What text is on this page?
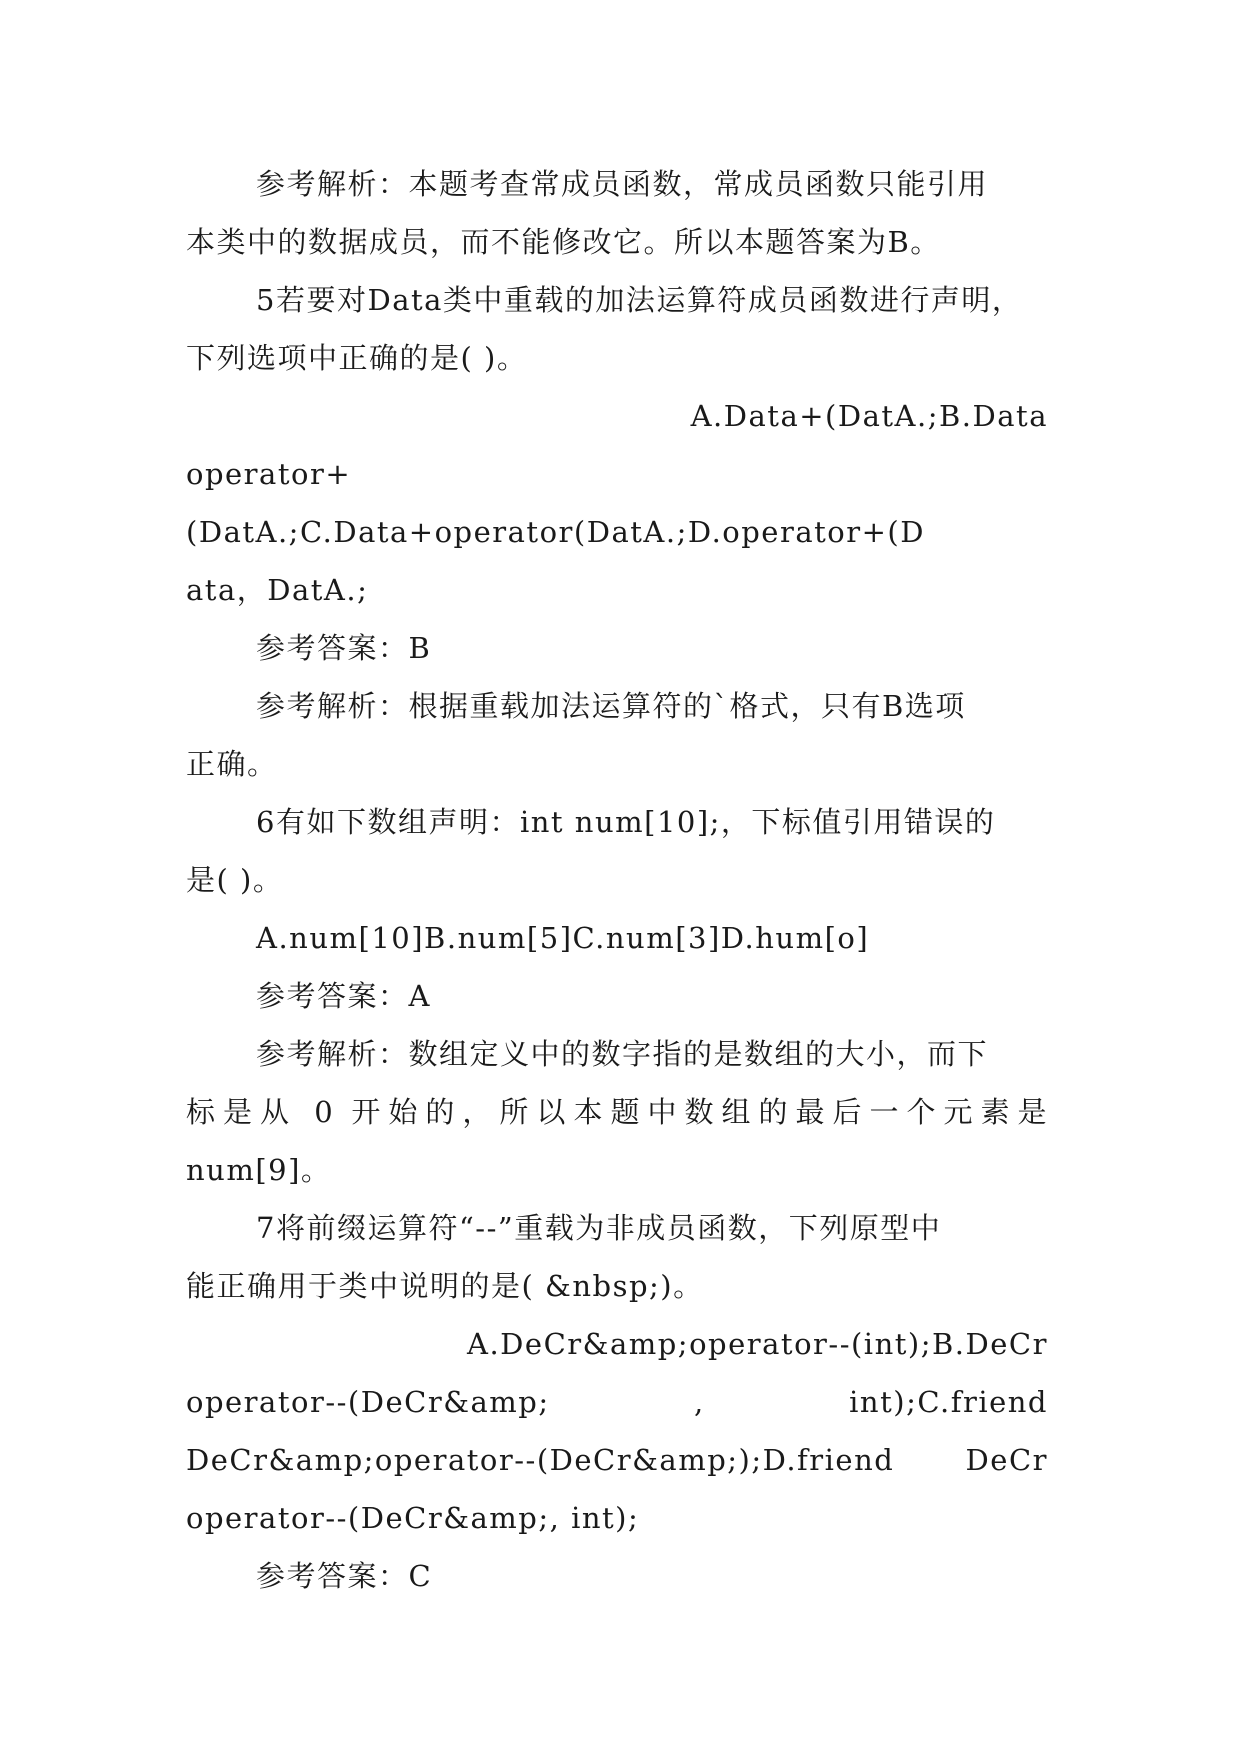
参考解析：本题考查常成员函数，常成员函数只能引用

本类中的数据成员，而不能修改它。所以本题答案为B。

5若要对Data类中重载的加法运算符成员函数进行声明，

下列选项中正确的是( )。

A.Data+(DatA.;B.Data

operator+(DatA.;C.Data+operator(DatA.;D.operator+(D

ata，DatA.;

参考答案：B

参考解析：根据重载加法运算符的`格式，只有B选项

正确。

6有如下数组声明：int num[10];，下标值引用错误的

是( )。

A.num[10]B.num[5]C.num[3]D.hum[o]

参考答案：A

参考解析：数组定义中的数字指的是数组的大小，而下

标是从 0 开始的，所以本题中数组的最后一个元素是

num[9]。

7将前缀运算符“--”重载为非成员函数，下列原型中

能正确用于类中说明的是( &nbsp;)。

A.DeCr&amp;operator--(int);B.DeCr

operator--(DeCr&amp; , int);C.friend

DeCr&amp;operator--(DeCr&amp;);D.friend DeCr

operator--(DeCr&amp;, int);

参考答案：C
